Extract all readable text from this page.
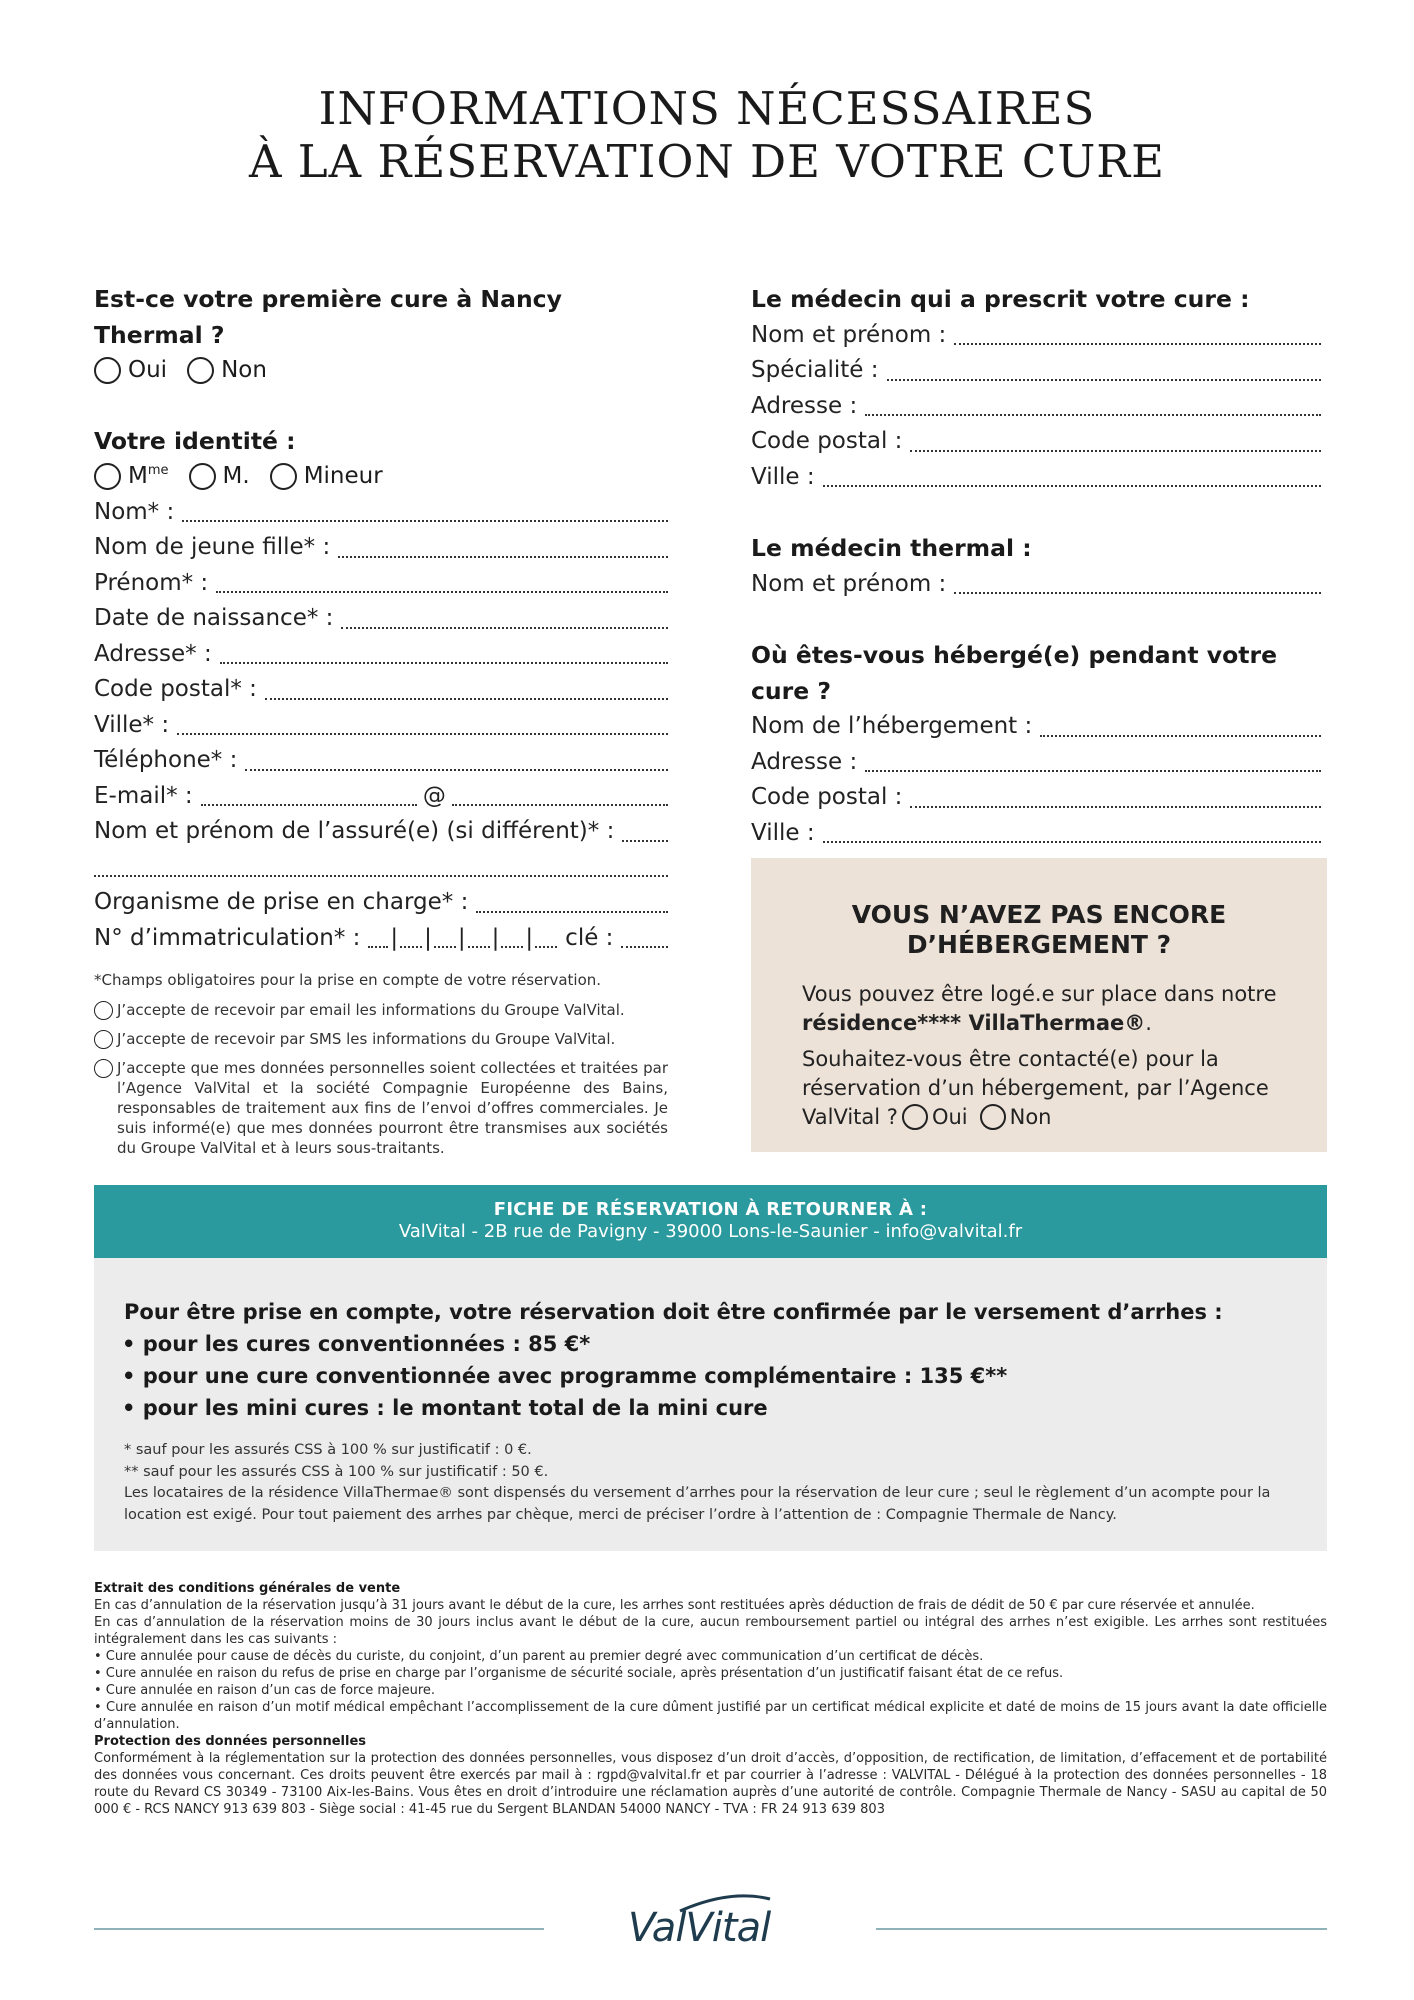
INFORMATIONS NÉCESSAIRES
À LA RÉSERVATION DE VOTRE CURE
Est-ce votre première cure à Nancy Thermal ?
Oui Non
Votre identité :
$M^{me}$ M. Mineur
Nom* :
Nom de jeune fille* :
Prénom* :
Date de naissance* :
Adresse* :
Code postal* :
Ville* :
Téléphone* :
E-mail* :	@
Nom et prénom de l’assuré(e) (si différent)* :
Organisme de prise en charge* :
N° d’immatriculation* : | | | | | clé :
*Champs obligatoires pour la prise en compte de votre réservation.
J’accepte de recevoir par email les informations du Groupe ValVital.
J’accepte de recevoir par SMS les informations du Groupe ValVital.
J’accepte que mes données personnelles soient collectées et traitées par l’Agence ValVital et la société Compagnie Européenne des Bains, responsables de traitement aux fins de l’envoi d’offres commerciales. Je suis informé(e) que mes données pourront être transmises aux sociétés du Groupe ValVital et à leurs sous-traitants.
Le médecin qui a prescrit votre cure :
Nom et prénom :
Spécialité :
Adresse :
Code postal :
Ville :
Le médecin thermal :
Nom et prénom :
Où êtes-vous hébergé(e) pendant votre cure ?
Nom de l’hébergement :
Adresse :
Code postal :
Ville :
VOUS N’AVEZ PAS ENCORE
D’HÉBERGEMENT ?
Vous pouvez être logé.e sur place dans notre résidence**** VillaThermae®.
Souhaitez-vous être contacté(e) pour la réservation d’un hébergement, par l’Agence ValVital ? Oui Non
FICHE DE RÉSERVATION À RETOURNER À :
ValVital - 2B rue de Pavigny - 39000 Lons-le-Saunier - info@valvital.fr
Pour être prise en compte, votre réservation doit être confirmée par le versement d’arrhes :
• pour les cures conventionnées : 85 €*
• pour une cure conventionnée avec programme complémentaire : 135 €**
• pour les mini cures : le montant total de la mini cure
* sauf pour les assurés CSS à 100 % sur justificatif : 0 €.
** sauf pour les assurés CSS à 100 % sur justificatif : 50 €.
Les locataires de la résidence VillaThermae® sont dispensés du versement d’arrhes pour la réservation de leur cure ; seul le règlement d’un acompte pour la location est exigé. Pour tout paiement des arrhes par chèque, merci de préciser l’ordre à l’attention de : Compagnie Thermale de Nancy.
Extrait des conditions générales de vente
En cas d’annulation de la réservation jusqu’à 31 jours avant le début de la cure, les arrhes sont restituées après déduction de frais de dédit de 50 € par cure réservée et annulée.
En cas d’annulation de la réservation moins de 30 jours inclus avant le début de la cure, aucun remboursement partiel ou intégral des arrhes n’est exigible. Les arrhes sont restituées intégralement dans les cas suivants :
• Cure annulée pour cause de décès du curiste, du conjoint, d’un parent au premier degré avec communication d’un certificat de décès.
• Cure annulée en raison du refus de prise en charge par l’organisme de sécurité sociale, après présentation d’un justificatif faisant état de ce refus.
• Cure annulée en raison d’un cas de force majeure.
• Cure annulée en raison d’un motif médical empêchant l’accomplissement de la cure dûment justifié par un certificat médical explicite et daté de moins de 15 jours avant la date officielle d’annulation.
Protection des données personnelles
Conformément à la réglementation sur la protection des données personnelles, vous disposez d’un droit d’accès, d’opposition, de rectification, de limitation, d’effacement et de portabilité des données vous concernant. Ces droits peuvent être exercés par mail à : rgpd@valvital.fr et par courrier à l’adresse : VALVITAL - Délégué à la protection des données personnelles - 18 route du Revard CS 30349 - 73100 Aix-les-Bains. Vous êtes en droit d’introduire une réclamation auprès d’une autorité de contrôle. Compagnie Thermale de Nancy - SASU au capital de 50 000 € - RCS NANCY 913 639 803 - Siège social : 41-45 rue du Sergent BLANDAN 54000 NANCY - TVA : FR 24 913 639 803
ValVital
